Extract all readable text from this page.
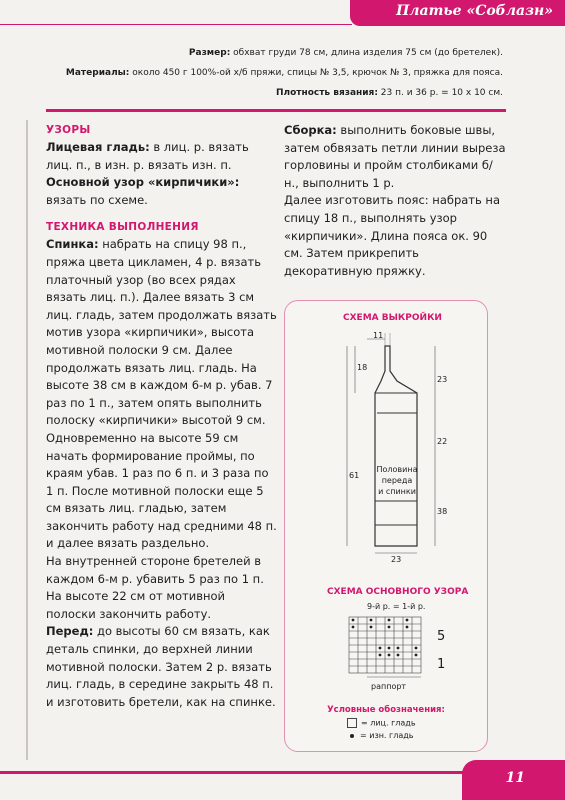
Платье «Соблазн»
Размер: обхват груди 78 см, длина изделия 75 см (до бретелек).
Материалы: около 450 г 100%-ой х/б пряжи, спицы № 3,5, крючок № 3, пряжка для пояса.
Плотность вязания: 23 п. и 36 р. = 10 х 10 см.
УЗОРЫ
Лицевая гладь: в лиц. р. вязать лиц. п., в изн. р. вязать изн. п.
Основной узор «кирпичики»: вязать по схеме.
ТЕХНИКА ВЫПОЛНЕНИЯ
Спинка: набрать на спицу 98 п., пряжа цвета цикламен, 4 р. вязать платочный узор (во всех рядах вязать лиц. п.). Далее вязать 3 см лиц. гладь, затем продолжать вязать мотив узора «кирпичики», высота мотивной полоски 9 см. Далее продолжать вязать лиц. гладь. На высоте 38 см в каждом 6-м р. убав. 7 раз по 1 п., затем опять выполнить полоску «кирпичики» высотой 9 см. Одновременно на высоте 59 см начать формирование проймы, по краям убав. 1 раз по 6 п. и 3 раза по 1 п. После мотивной полоски еще 5 см вязать лиц. гладью, затем закончить работу над средними 48 п. и далее вязать раздельно.
На внутренней стороне бретелей в каждом 6-м р. убавить 5 раз по 1 п. На высоте 22 см от мотивной полоски закончить работу.
Перед: до высоты 60 см вязать, как деталь спинки, до верхней линии мотивной полоски. Затем 2 р. вязать лиц. гладь, в середине закрыть 48 п. и изготовить бретели, как на спинке.
Сборка: выполнить боковые швы, затем обвязать петли линии выреза горловины и пройм столбиками б/н., выполнить 1 р.
Далее изготовить пояс: набрать на спицу 18 п., выполнять узор «кирпичики». Длина пояса ок. 90 см. Затем прикрепить декоративную пряжку.
СХЕМА ВЫКРОЙКИ
11
18
61
23
22
38
23
Половина
переда
и спинки
СХЕМА ОСНОВНОГО УЗОРА
9-й р. = 1-й р.
5
1
раппорт
Условные обозначения:
= лиц. гладь
= изн. гладь
11
